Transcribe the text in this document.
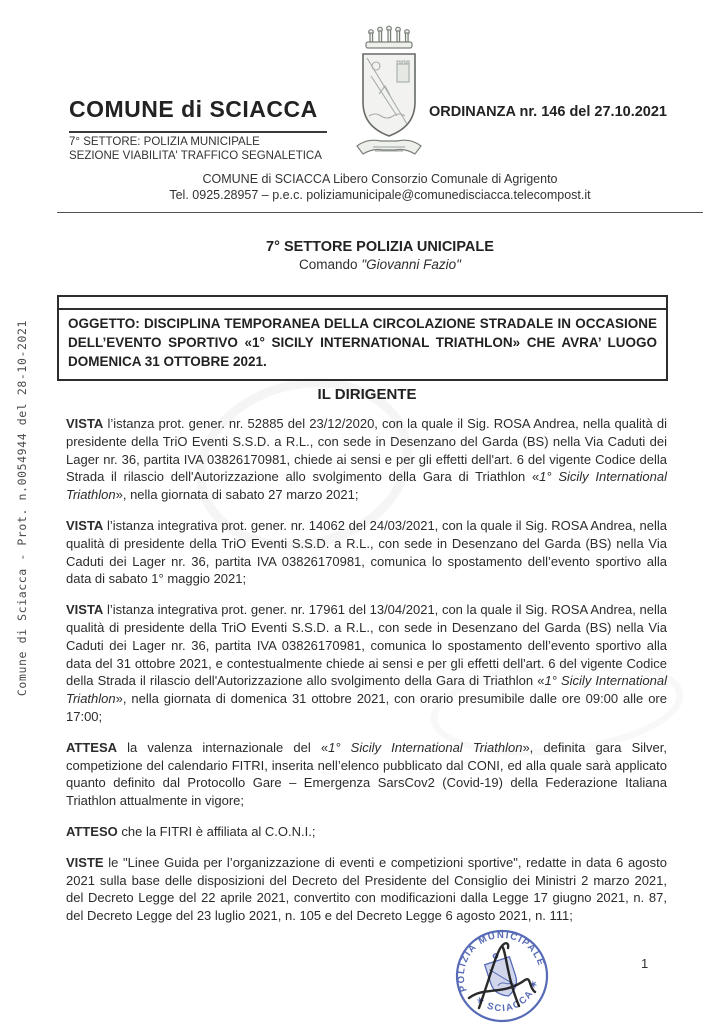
Comune di Sciacca - Prot. n.0054944 del 28-10-2021
COMUNE di SCIACCA	ORDINANZA nr. 146 del 27.10.2021
7° SETTORE: POLIZIA MUNICIPALE
SEZIONE VIABILITA' TRAFFICO SEGNALETICA
COMUNE di SCIACCA Libero Consorzio Comunale di Agrigento
Tel. 0925.28957 – p.e.c. poliziamunicipale@comunedisciacca.telecompost.it
7° SETTORE POLIZIA UNICIPALE
Comando "Giovanni Fazio"
OGGETTO: DISCIPLINA TEMPORANEA DELLA CIRCOLAZIONE STRADALE IN OCCASIONE DELL’EVENTO SPORTIVO «1° SICILY INTERNATIONAL TRIATHLON» CHE AVRA’ LUOGO DOMENICA 31 OTTOBRE 2021.
IL DIRIGENTE

VISTA l’istanza prot. gener. nr. 52885 del 23/12/2020, con la quale il Sig. ROSA Andrea, nella qualità di presidente della TriO Eventi S.S.D. a R.L., con sede in Desenzano del Garda (BS) nella Via Caduti dei Lager nr. 36, partita IVA 03826170981, chiede ai sensi e per gli effetti dell'art. 6 del vigente Codice della Strada il rilascio dell'Autorizzazione allo svolgimento della Gara di Triathlon «1° Sicily International Triathlon», nella giornata di sabato 27 marzo 2021;

VISTA l’istanza integrativa prot. gener. nr. 14062 del 24/03/2021, con la quale il Sig. ROSA Andrea, nella qualità di presidente della TriO Eventi S.S.D. a R.L., con sede in Desenzano del Garda (BS) nella Via Caduti dei Lager nr. 36, partita IVA 03826170981, comunica lo spostamento dell’evento sportivo alla data di sabato 1° maggio 2021;

VISTA l’istanza integrativa prot. gener. nr. 17961 del 13/04/2021, con la quale il Sig. ROSA Andrea, nella qualità di presidente della TriO Eventi S.S.D. a R.L., con sede in Desenzano del Garda (BS) nella Via Caduti dei Lager nr. 36, partita IVA 03826170981, comunica lo spostamento dell’evento sportivo alla data del 31 ottobre 2021, e contestualmente chiede ai sensi e per gli effetti dell'art. 6 del vigente Codice della Strada il rilascio dell'Autorizzazione allo svolgimento della Gara di Triathlon «1° Sicily International Triathlon», nella giornata di domenica 31 ottobre 2021, con orario presumibile dalle ore 09:00 alle ore 17:00;

ATTESA la valenza internazionale del «1° Sicily International Triathlon», definita gara Silver, competizione del calendario FITRI, inserita nell’elenco pubblicato dal CONI, ed alla quale sarà applicato quanto definito dal Protocollo Gare – Emergenza SarsCov2 (Covid-19) della Federazione Italiana Triathlon attualmente in vigore;

ATTESO che la FITRI è affiliata al C.O.N.I.;

VISTE le "Linee Guida per l’organizzazione di eventi e competizioni sportive", redatte in data 6 agosto 2021 sulla base delle disposizioni del Decreto del Presidente del Consiglio dei Ministri 2 marzo 2021, del Decreto Legge del 22 aprile 2021, convertito con modificazioni dalla Legge 17 giugno 2021, n. 87, del Decreto Legge del 23 luglio 2021, n. 105 e del Decreto Legge 6 agosto 2021, n. 111;

POLIZIA MUNICIPALE
✶ SCIACCA ✶
1
